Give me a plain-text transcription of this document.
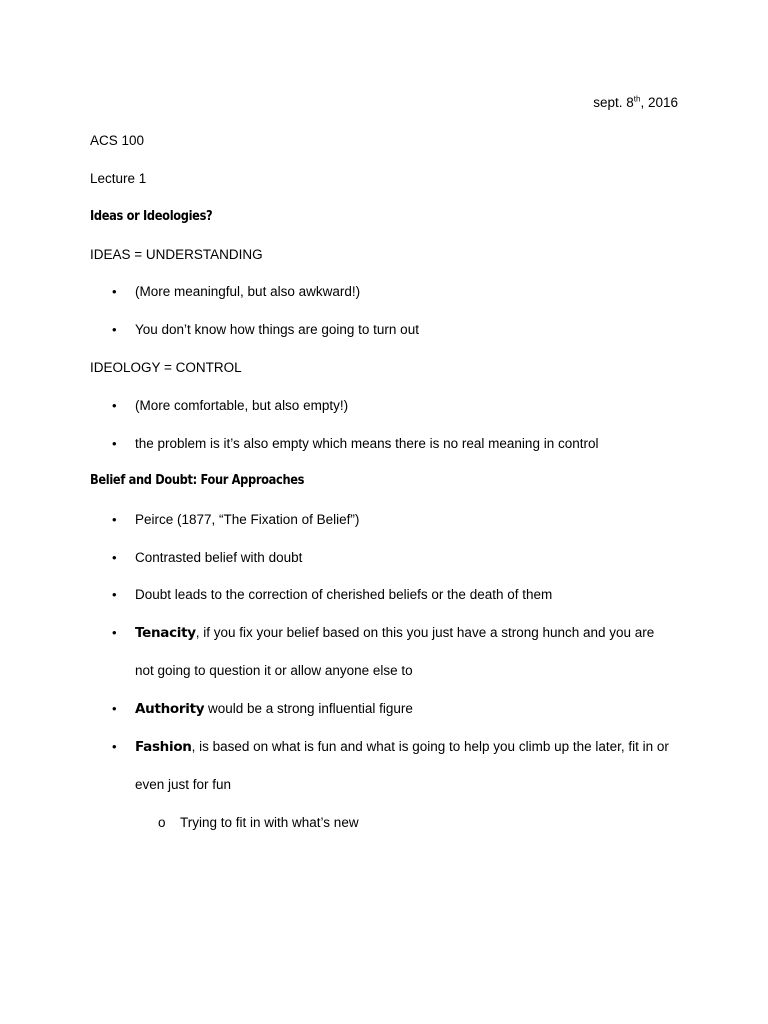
sept. 8th, 2016
ACS 100
Lecture 1
Ideas or Ideologies?
IDEAS = UNDERSTANDING
•	(More meaningful, but also awkward!)
•	You don’t know how things are going to turn out
IDEOLOGY = CONTROL
•	(More comfortable, but also empty!)
•	the problem is it’s also empty which means there is no real meaning in control
Belief and Doubt: Four Approaches
•	Peirce (1877, “The Fixation of Belief”)
•	Contrasted belief with doubt
•	Doubt leads to the correction of cherished beliefs or the death of them
•	Tenacity, if you fix your belief based on this you just have a strong hunch and you are
not going to question it or allow anyone else to
•	Authority would be a strong influential figure
•	Fashion, is based on what is fun and what is going to help you climb up the later, fit in or
even just for fun
o Trying to fit in with what’s new
